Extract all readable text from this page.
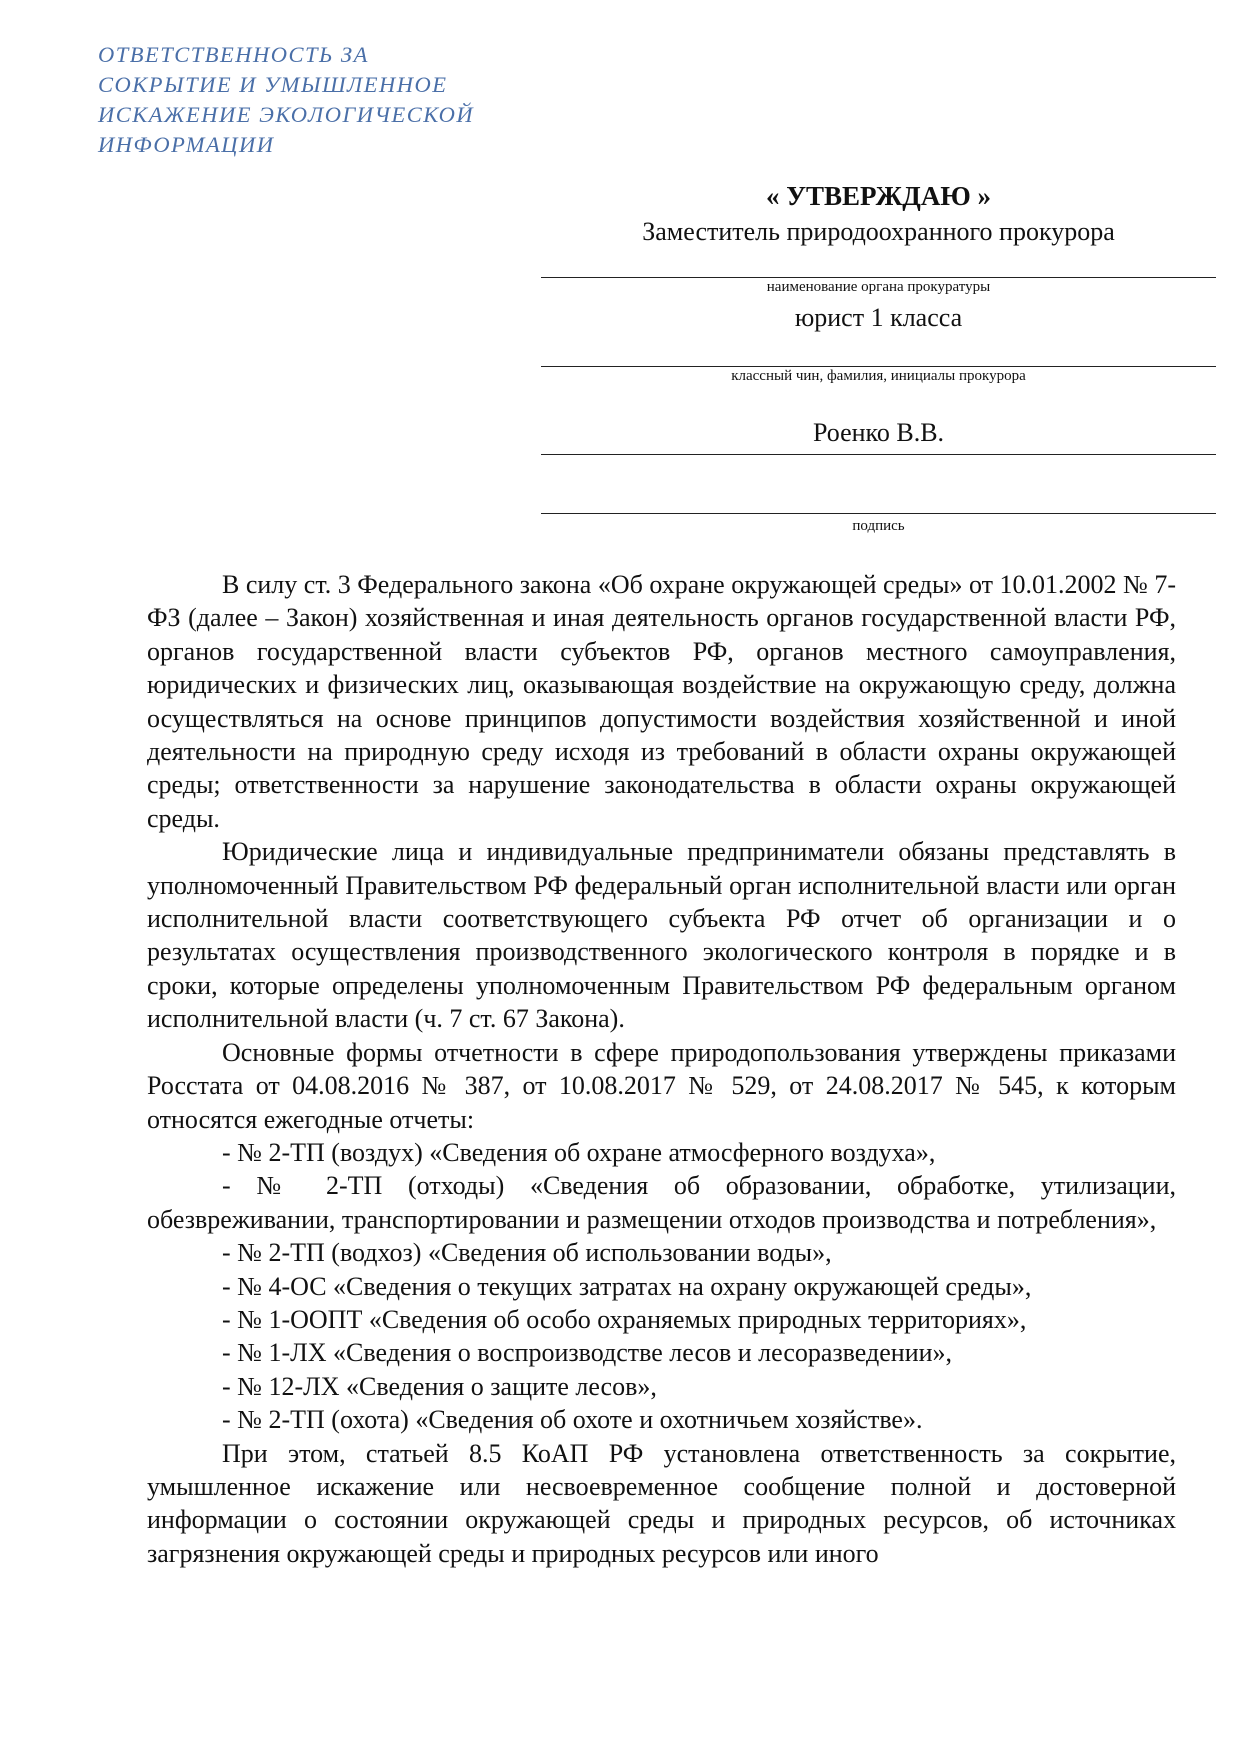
ОТВЕТСТВЕННОСТЬ ЗА
СОКРЫТИЕ И УМЫШЛЕННОЕ
ИСКАЖЕНИЕ ЭКОЛОГИЧЕСКОЙ
ИНФОРМАЦИИ
« УТВЕРЖДАЮ »
Заместитель природоохранного прокурора
наименование органа прокуратуры
юрист 1 класса
классный чин, фамилия, инициалы прокурора
Роенко В.В.
подпись

В силу ст. 3 Федерального закона «Об охране окружающей среды» от 10.01.2002 № 7-ФЗ (далее – Закон) хозяйственная и иная деятельность органов государственной власти РФ, органов государственной власти субъектов РФ, органов местного самоуправления, юридических и физических лиц, оказывающая воздействие на окружающую среду, должна осуществляться на основе принципов допустимости воздействия хозяйственной и иной деятельности на природную среду исходя из требований в области охраны окружающей среды; ответственности за нарушение законодательства в области охраны окружающей среды.

Юридические лица и индивидуальные предприниматели обязаны представлять в уполномоченный Правительством РФ федеральный орган исполнительной власти или орган исполнительной власти соответствующего субъекта РФ отчет об организации и о результатах осуществления производственного экологического контроля в порядке и в сроки, которые определены уполномоченным Правительством РФ федеральным органом исполнительной власти (ч. 7 ст. 67 Закона).

Основные формы отчетности в сфере природопользования утверждены приказами Росстата от 04.08.2016 № 387, от 10.08.2017 № 529, от 24.08.2017 № 545, к которым относятся ежегодные отчеты:

- № 2-ТП (воздух) «Сведения об охране атмосферного воздуха»,

- № 2-ТП (отходы) «Сведения об образовании, обработке, утилизации, обезвреживании, транспортировании и размещении отходов производства и потребления»,

- № 2-ТП (водхоз) «Сведения об использовании воды»,

- № 4-ОС «Сведения о текущих затратах на охрану окружающей среды»,

- № 1-ООПТ «Сведения об особо охраняемых природных территориях»,

- № 1-ЛХ «Сведения о воспроизводстве лесов и лесоразведении»,

- № 12-ЛХ «Сведения о защите лесов»,

- № 2-ТП (охота) «Сведения об охоте и охотничьем хозяйстве».

При этом, статьей 8.5 КоАП РФ установлена ответственность за сокрытие, умышленное искажение или несвоевременное сообщение полной и достоверной информации о состоянии окружающей среды и природных ресурсов, об источниках загрязнения окружающей среды и природных ресурсов или иного
